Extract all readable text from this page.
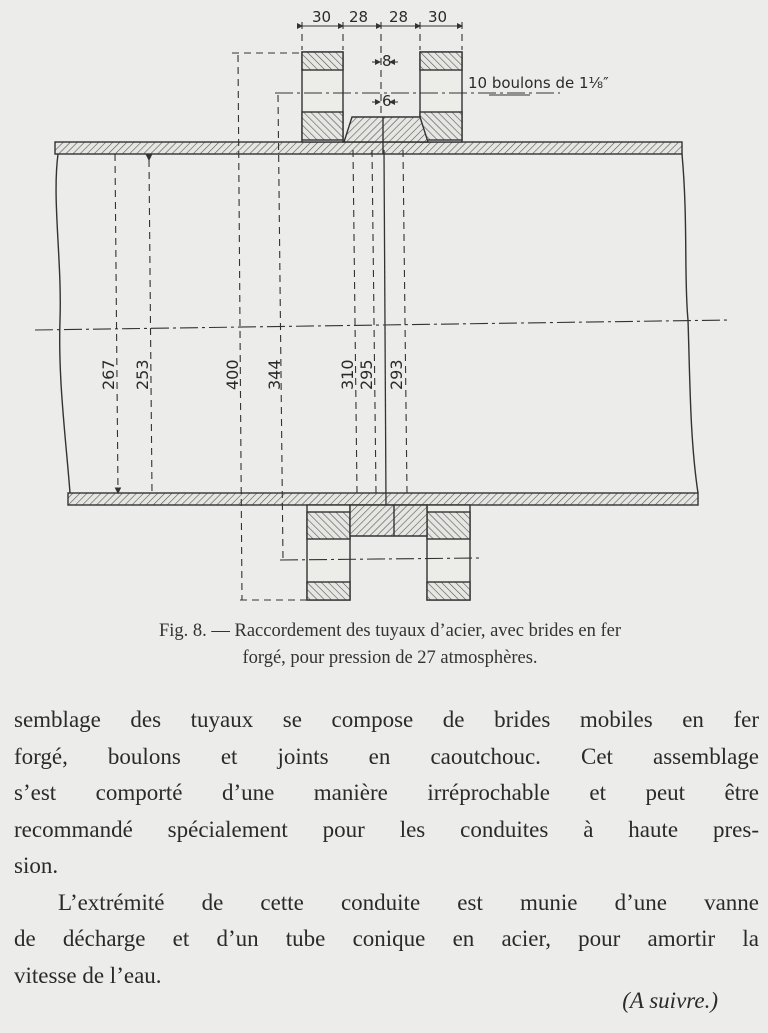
30 28 28 30
8
6
10 boulons de 1⅛″
267 253	400 344	310 295 293
Fig. 8. — Raccordement des tuyaux d’acier, avec brides en fer
forgé, pour pression de 27 atmosphères.

semblage des tuyaux se compose de brides mobiles en fer

forgé, boulons et joints en caoutchouc. Cet assemblage

s’est comporté d’une manière irréprochable et peut être

recommandé spécialement pour les conduites à haute pres-

sion.

L’extrémité de cette conduite est munie d’une vanne

de décharge et d’un tube conique en acier, pour amortir la

vitesse de l’eau.

(A suivre.)
